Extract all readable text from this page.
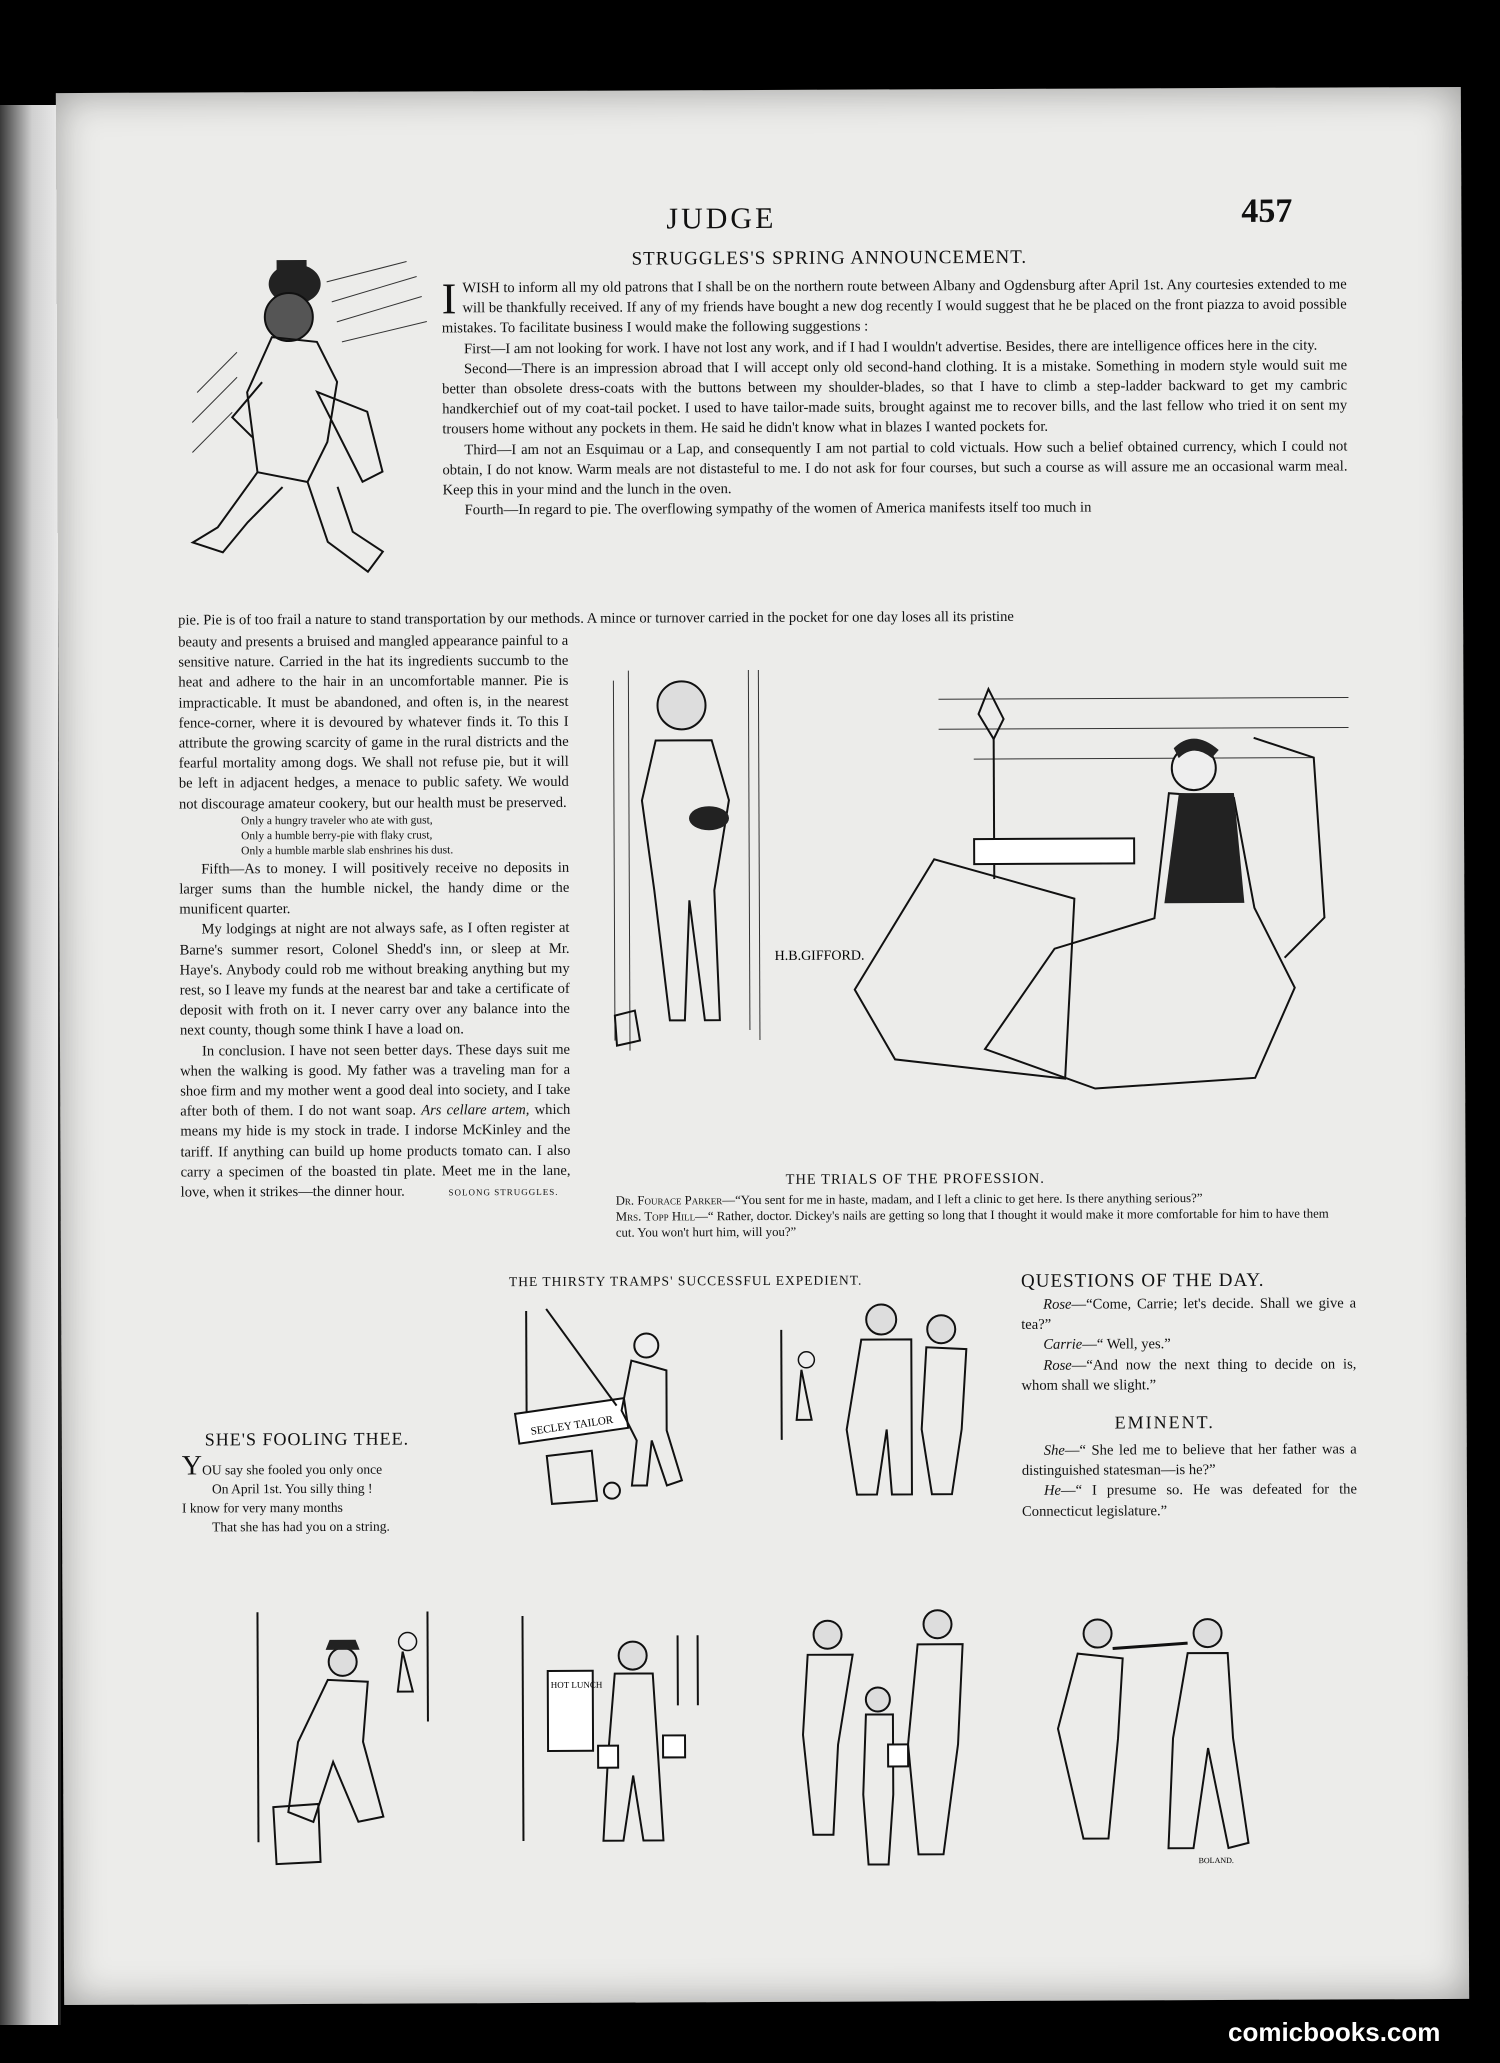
JUDGE	457
STRUGGLES'S SPRING ANNOUNCEMENT.

IWISH to inform all my old patrons that I shall be on the northern route between Albany and Ogdensburg after April 1st. Any courtesies extended to me will be thankfully received. If any of my friends have bought a new dog recently I would suggest that he be placed on the front piazza to avoid possible mistakes. To facilitate business I would make the following suggestions :

First—I am not looking for work. I have not lost any work, and if I had I wouldn't advertise. Besides, there are intelligence offices here in the city.

Second—There is an impression abroad that I will accept only old second-hand clothing. It is a mistake. Something in modern style would suit me better than obsolete dress-coats with the buttons between my shoulder-blades, so that I have to climb a step-ladder backward to get my cambric handkerchief out of my coat-tail pocket. I used to have tailor-made suits, brought against me to recover bills, and the last fellow who tried it on sent my trousers home without any pockets in them. He said he didn't know what in blazes I wanted pockets for.

Third—I am not an Esquimau or a Lap, and consequently I am not partial to cold victuals. How such a belief obtained currency, which I could not obtain, I do not know. Warm meals are not distasteful to me. I do not ask for four courses, but such a course as will assure me an occasional warm meal. Keep this in your mind and the lunch in the oven.

Fourth—In regard to pie. The overflowing sympathy of the women of America manifests itself too much in

pie. Pie is of too frail a nature to stand transportation by our methods. A mince or turnover carried in the pocket for one day loses all its pristine

beauty and presents a bruised and mangled appearance painful to a sensitive nature. Carried in the hat its ingredients succumb to the heat and adhere to the hair in an uncomfortable manner. Pie is impracticable. It must be abandoned, and often is, in the nearest fence-corner, where it is devoured by whatever finds it. To this I attribute the growing scarcity of game in the rural districts and the fearful mortality among dogs. We shall not refuse pie, but it will be left in adjacent hedges, a menace to public safety. We would not discourage amateur cookery, but our health must be preserved.

Only a hungry traveler who ate with gust,
Only a humble berry-pie with flaky crust,
Only a humble marble slab enshrines his dust.

Fifth—As to money. I will positively receive no deposits in larger sums than the humble nickel, the handy dime or the munificent quarter.

My lodgings at night are not always safe, as I often register at Barne's summer resort, Colonel Shedd's inn, or sleep at Mr. Haye's. Anybody could rob me without breaking anything but my rest, so I leave my funds at the nearest bar and take a certificate of deposit with froth on it. I never carry over any balance into the next county, though some think I have a load on.

In conclusion. I have not seen better days. These days suit me when the walking is good. My father was a traveling man for a shoe firm and my mother went a good deal into society, and I take after both of them. I do not want soap. Ars cellare artem, which means my hide is my stock in trade. I indorse McKinley and the tariff. If anything can build up home products tomato can. I also carry a specimen of the boasted tin plate. Meet me in the lane, love, when it strikes—the dinner hour.	SOLONG STRUGGLES.

H.B.GIFFORD.
THE TRIALS OF THE PROFESSION.
Dr. Fourace Parker—“You sent for me in haste, madam, and I left a clinic to get here. Is there anything serious?”
Mrs. Topp Hill—“ Rather, doctor. Dickey's nails are getting so long that I thought it would make it more comfortable for him to have them cut. You won't hurt him, will you?”
THE THIRSTY TRAMPS' SUCCESSFUL EXPEDIENT.
SECLEY TAILOR
QUESTIONS OF THE DAY.

Rose—“Come, Carrie; let's decide. Shall we give a tea?”

Carrie—“ Well, yes.”

Rose—“And now the next thing to decide on is, whom shall we slight.”

EMINENT.

She—“ She led me to believe that her father was a distinguished statesman—is he?”

He—“ I presume so. He was defeated for the Connecticut legislature.”

SHE'S FOOLING THEE.
YOU say she fooled you only once
On April 1st. You silly thing !
I know for very many months
That she has had you on a string.
HOT LUNCH
BOLAND.
comicbooks.com
